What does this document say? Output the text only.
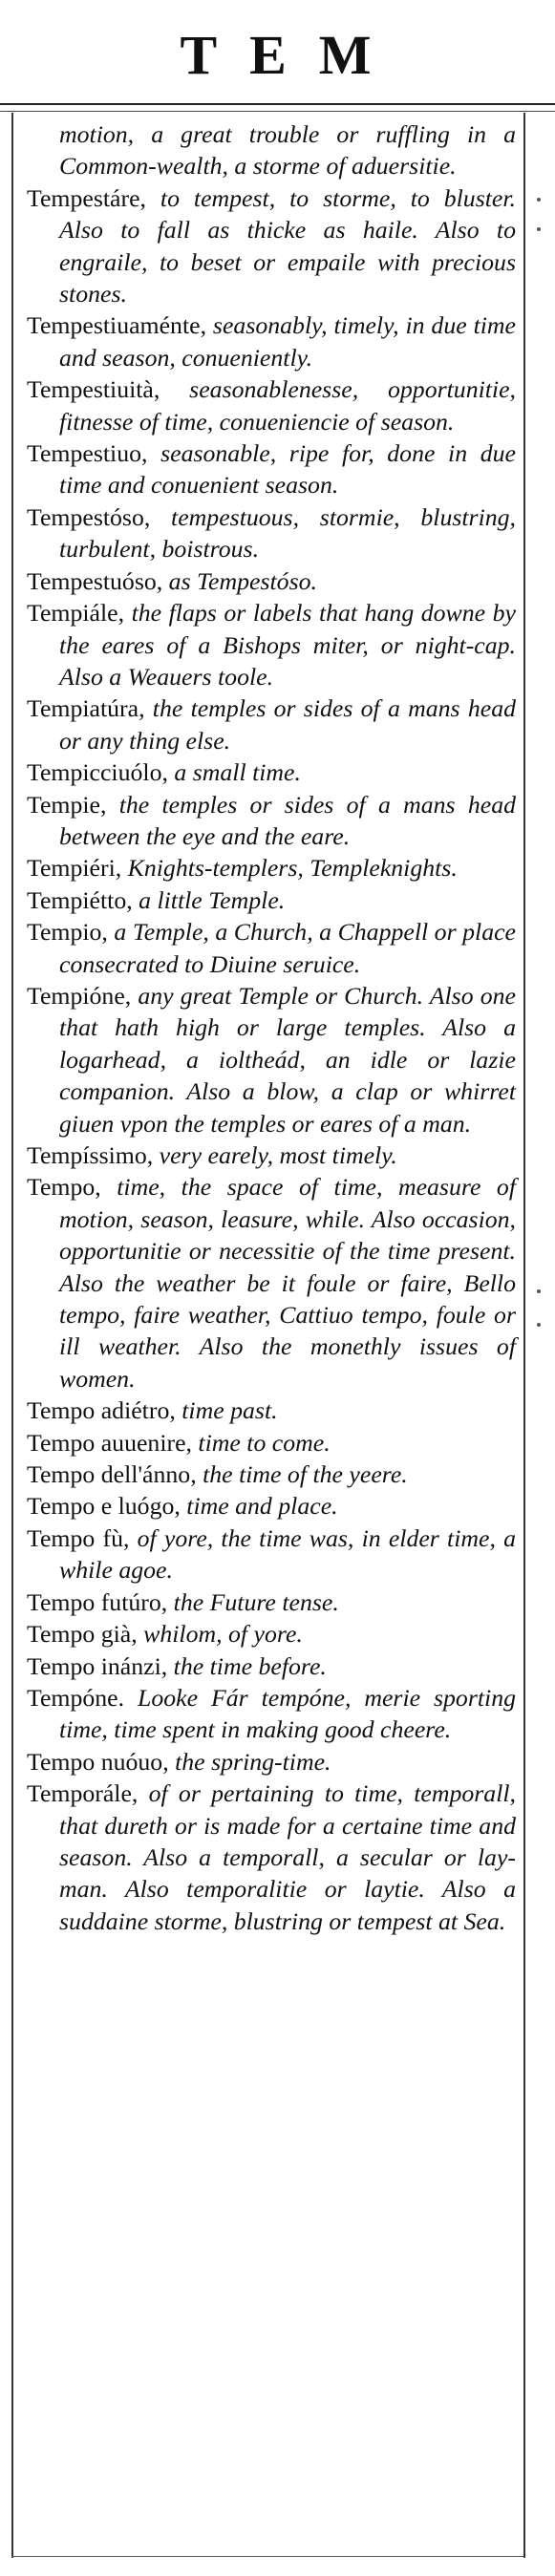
TEM

motion, a great trouble or ruffling in a Common-wealth, a storme of aduersitie.

Tempestáre, to tempest, to storme, to bluster. Also to fall as thicke as haile. Also to engraile, to beset or empaile with precious stones.

Tempestiuaménte, seasonably, timely, in due time and season, conueniently.

Tempestiuità, seasonablenesse, opportunitie, fitnesse of time, conueniencie of season.

Tempestiuo, seasonable, ripe for, done in due time and conuenient season.

Tempestóso, tempestuous, stormie, blustring, turbulent, boistrous.

Tempestuóso, as Tempestóso.

Tempiále, the flaps or labels that hang downe by the eares of a Bishops miter, or night-cap. Also a Weauers toole.

Tempiatúra, the temples or sides of a mans head or any thing else.

Tempicciuólo, a small time.

Tempie, the temples or sides of a mans head between the eye and the eare.

Tempiéri, Knights-templers, Templeknights.

Tempiétto, a little Temple.

Tempio, a Temple, a Church, a Chappell or place consecrated to Diuine seruice.

Tempióne, any great Temple or Church. Also one that hath high or large temples. Also a logarhead, a ioltheád, an idle or lazie companion. Also a blow, a clap or whirret giuen vpon the temples or eares of a man.

Tempíssimo, very earely, most timely.

Tempo, time, the space of time, measure of motion, season, leasure, while. Also occasion, opportunitie or necessitie of the time present. Also the weather be it foule or faire, Bello tempo, faire weather, Cattiuo tempo, foule or ill weather. Also the monethly issues of women.

Tempo adiétro, time past.

Tempo auuenire, time to come.

Tempo dell'ánno, the time of the yeere.

Tempo e luógo, time and place.

Tempo fù, of yore, the time was, in elder time, a while agoe.

Tempo futúro, the Future tense.

Tempo già, whilom, of yore.

Tempo inánzi, the time before.

Tempóne. Looke Fár tempóne, merie sporting time, time spent in making good cheere.

Tempo nuóuo, the spring-time.

Temporále, of or pertaining to time, temporall, that dureth or is made for a certaine time and season. Also a temporall, a secular or lay-man. Also temporalitie or laytie. Also a suddaine storme, blustring or tempest at Sea.
